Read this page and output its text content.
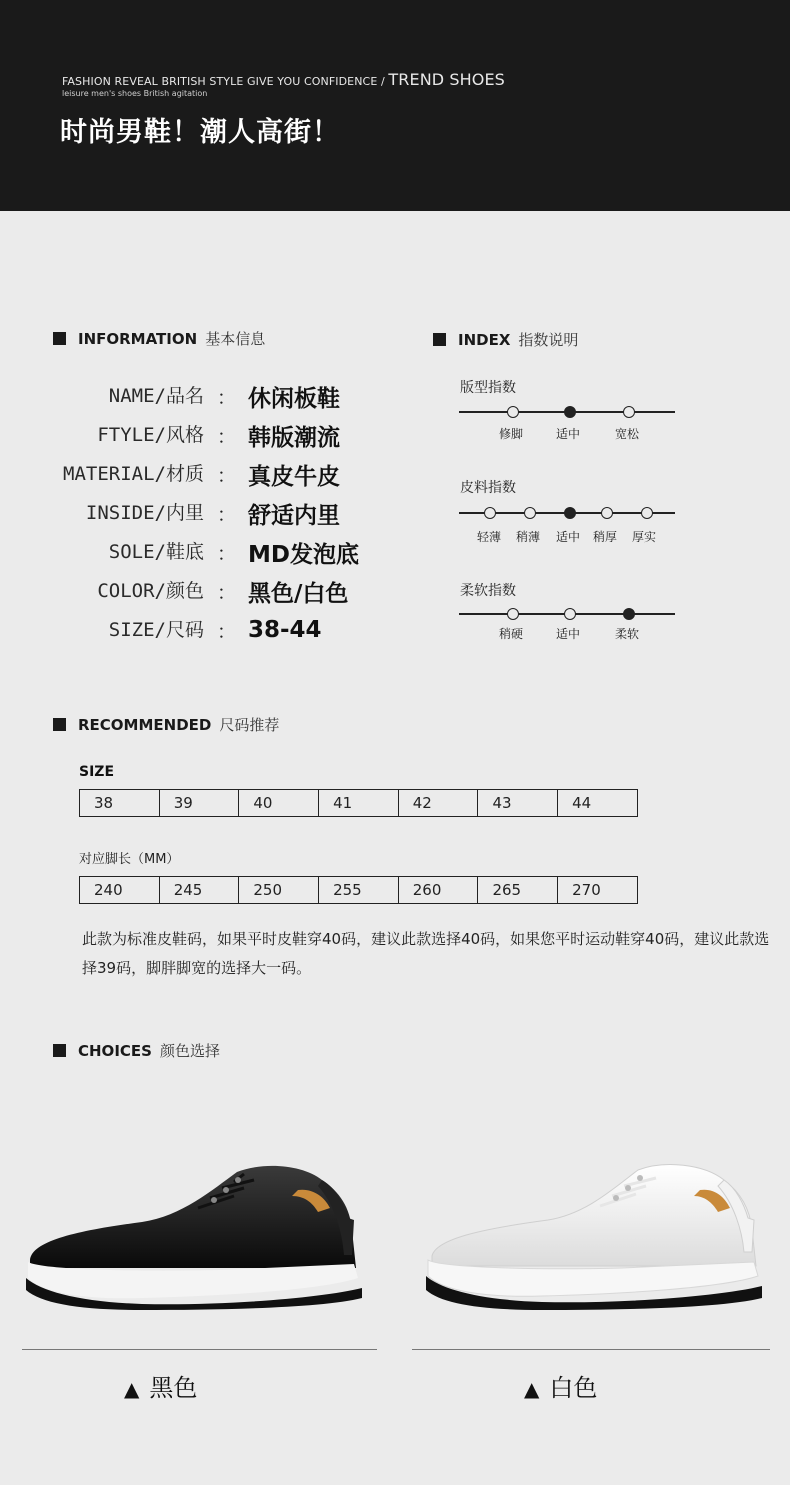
FASHION REVEAL BRITISH STYLE GIVE YOU CONFIDENCE / TREND SHOES
leisure men's shoes British agitation
时尚男鞋！潮人高街！
INFORMATION 基本信息
NAME/品名 ： 休闲板鞋
FTYLE/风格 ： 韩版潮流
MATERIAL/材质 ： 真皮牛皮
INSIDE/内里 ： 舒适内里
SOLE/鞋底 ： MD发泡底
COLOR/颜色 ： 黑色/白色
SIZE/尺码 ： 38-44
INDEX 指数说明
版型指数
修脚	适中	宽松
皮料指数
轻薄 稍薄 适中 稍厚 厚实
柔软指数
稍硬	适中	柔软
RECOMMENDED 尺码推荐
SIZE
38	39	40	41	42	43	44
对应脚长（MM）
240	245	250	255	260	265	270
此款为标准皮鞋码，如果平时皮鞋穿40码，建议此款选择40码，如果您平时运动鞋穿40码，建议此款选择39码，脚胖脚宽的选择大一码。
CHOICES 颜色选择
▲ 黑色	▲ 白色
